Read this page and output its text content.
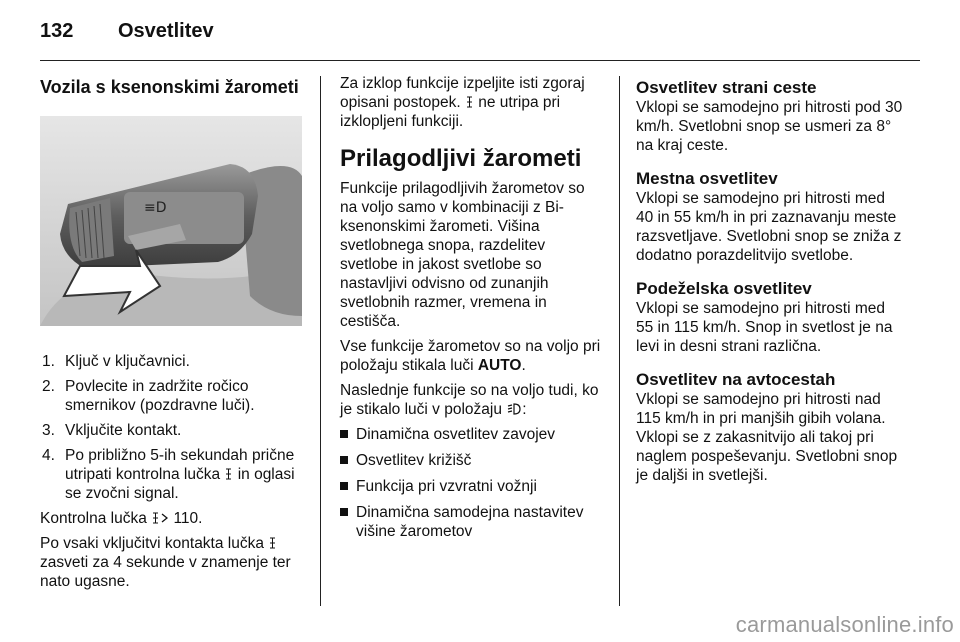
132 Osvetlitev
Vozila s ksenonskimi žarometi
≡D
1. Ključ v ključavnici.
2. Povlecite in zadržite ročico smernikov (pozdravne luči).
3. Vključite kontakt.
4. Po približno 5-ih sekundah prične utripati kontrolna lučka  in oglasi se zvočni signal.

Kontrolna lučka  110.

Po vsaki vključitvi kontakta lučka  zasveti za 4 sekunde v znamenje ter nato ugasne.

Za izklop funkcije izpeljite isti zgoraj opisani postopek.  ne utripa pri izklopljeni funkciji.

Prilagodljivi žarometi

Funkcije prilagodljivih žarometov so na voljo samo v kombinaciji z Bi-ksenonskimi žarometi. Višina svetlobnega snopa, razdelitev svetlobe in jakost svetlobe so nastavljivi odvisno od zunanjih svetlobnih razmer, vremena in cestišča.

Vse funkcije žarometov so na voljo pri položaju stikala luči AUTO.

Naslednje funkcije so na voljo tudi, ko je stikalo luči v položaju :

Dinamična osvetlitev zavojev
Osvetlitev križišč
Funkcija pri vzvratni vožnji
Dinamična samodejna nastavitev višine žarometov
Osvetlitev strani ceste
Vklopi se samodejno pri hitrosti pod 30 km/h. Svetlobni snop se usmeri za 8° na kraj ceste.
Mestna osvetlitev
Vklopi se samodejno pri hitrosti med 40 in 55 km/h in pri zaznavanju meste razsvetljave. Svetlobni snop se zniža z dodatno porazdelitvijo svetlobe.
Podeželska osvetlitev
Vklopi se samodejno pri hitrosti med 55 in 115 km/h. Snop in svetlost je na levi in desni strani različna.
Osvetlitev na avtocestah
Vklopi se samodejno pri hitrosti nad 115 km/h in pri manjših gibih volana. Vklopi se z zakasnitvijo ali takoj pri naglem pospeševanju. Svetlobni snop je daljši in svetlejši.
carmanualsonline.info
